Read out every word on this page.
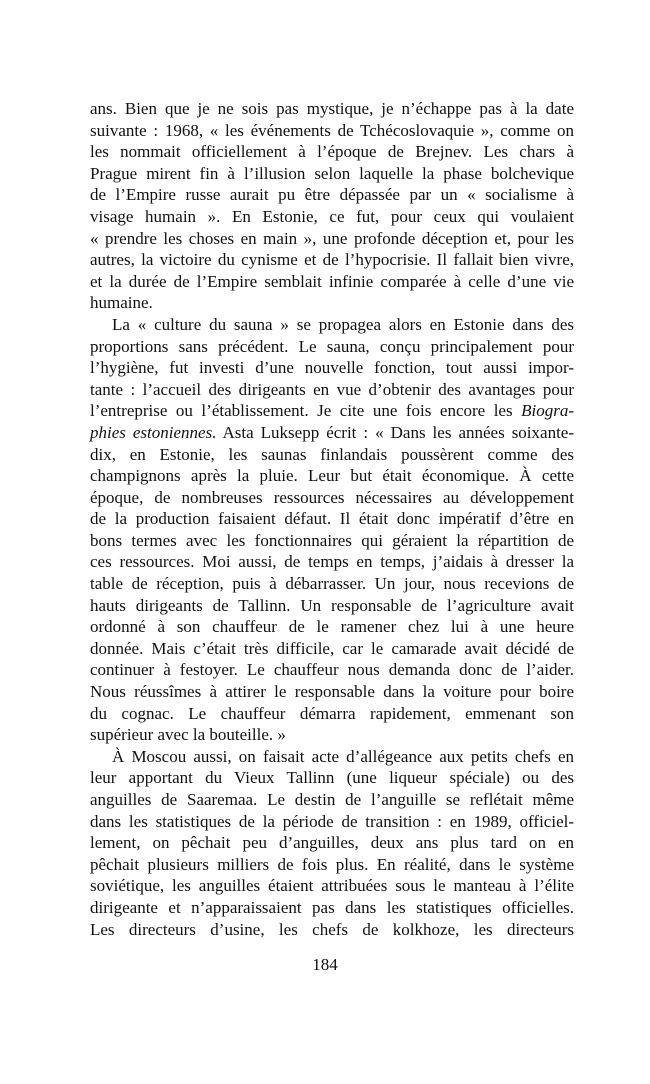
ans. Bien que je ne sois pas mystique, je n’échappe pas à la date
suivante : 1968, « les événements de Tchécoslovaquie », comme on
les nommait officiellement à l’époque de Brejnev. Les chars à
Prague mirent fin à l’illusion selon laquelle la phase bolchevique
de l’Empire russe aurait pu être dépassée par un « socialisme à
visage humain ». En Estonie, ce fut, pour ceux qui voulaient
« prendre les choses en main », une profonde déception et, pour les
autres, la victoire du cynisme et de l’hypocrisie. Il fallait bien vivre,
et la durée de l’Empire semblait infinie comparée à celle d’une vie
humaine.
La « culture du sauna » se propagea alors en Estonie dans des
proportions sans précédent. Le sauna, conçu principalement pour
l’hygiène, fut investi d’une nouvelle fonction, tout aussi impor-
tante : l’accueil des dirigeants en vue d’obtenir des avantages pour
l’entreprise ou l’établissement. Je cite une fois encore les Biogra-
phies estoniennes. Asta Luksepp écrit : « Dans les années soixante-
dix, en Estonie, les saunas finlandais poussèrent comme des
champignons après la pluie. Leur but était économique. À cette
époque, de nombreuses ressources nécessaires au développement
de la production faisaient défaut. Il était donc impératif d’être en
bons termes avec les fonctionnaires qui géraient la répartition de
ces ressources. Moi aussi, de temps en temps, j’aidais à dresser la
table de réception, puis à débarrasser. Un jour, nous recevions de
hauts dirigeants de Tallinn. Un responsable de l’agriculture avait
ordonné à son chauffeur de le ramener chez lui à une heure
donnée. Mais c’était très difficile, car le camarade avait décidé de
continuer à festoyer. Le chauffeur nous demanda donc de l’aider.
Nous réussîmes à attirer le responsable dans la voiture pour boire
du cognac. Le chauffeur démarra rapidement, emmenant son
supérieur avec la bouteille. »
À Moscou aussi, on faisait acte d’allégeance aux petits chefs en
leur apportant du Vieux Tallinn (une liqueur spéciale) ou des
anguilles de Saaremaa. Le destin de l’anguille se reflétait même
dans les statistiques de la période de transition : en 1989, officiel-
lement, on pêchait peu d’anguilles, deux ans plus tard on en
pêchait plusieurs milliers de fois plus. En réalité, dans le système
soviétique, les anguilles étaient attribuées sous le manteau à l’élite
dirigeante et n’apparaissaient pas dans les statistiques officielles.
Les directeurs d’usine, les chefs de kolkhoze, les directeurs
184
